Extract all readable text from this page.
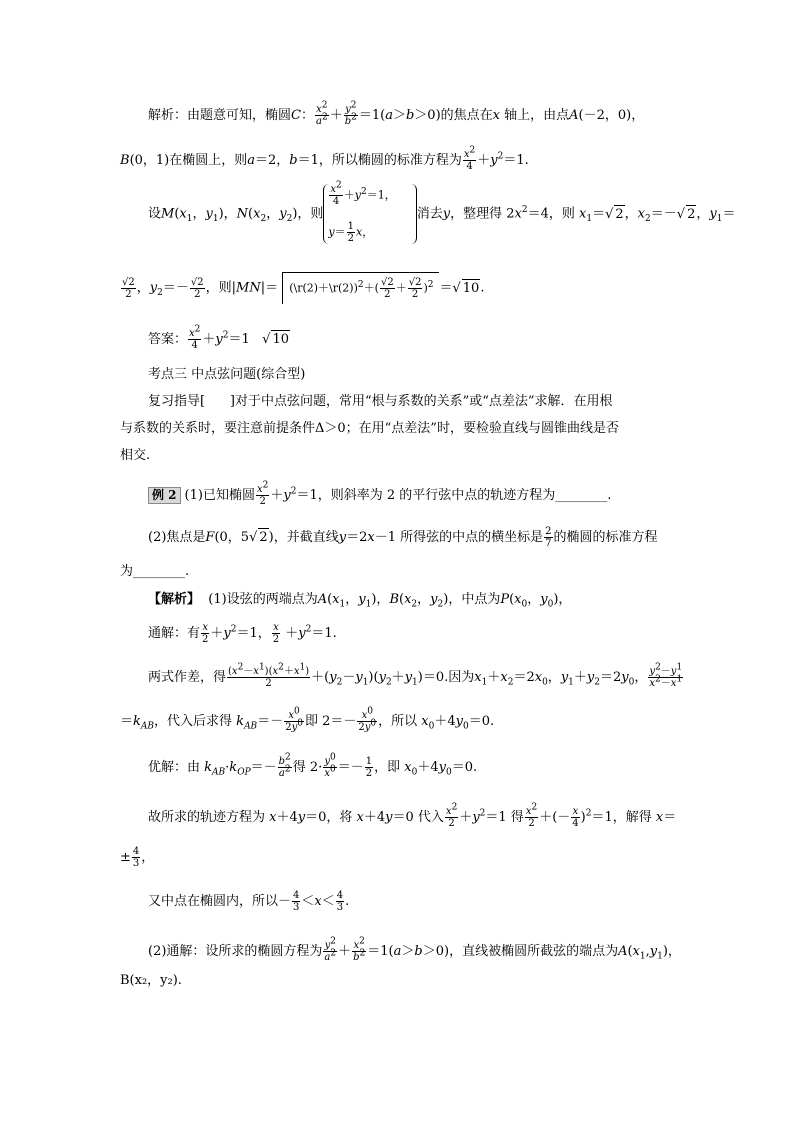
解析：由题意可知，椭圆C： $\frac{x^2}{a^2} + \frac{y^2}{b^2} =1(a>b>0)$的焦点在x 轴上，由点A(－2，0)，
B(0，1)在椭圆上，则a＝2，b＝1，所以椭圆的标准方程为 $\frac{x^2}{4} +y^2=1$.
设$M(x_1$，$y_1$)，$N(x_2$，$y_2$)，则
$\frac{x^2}{4} +y^2=1$，

$y= \frac{1}{2}$ x，消去y，整理得 $2x^2=4$，则 $x_1=√$ 2，$x_2=-√$ 2，$y_1=$
√ $\frac{2}{2}$ ，$y_2=-$
√ $\frac{2}{2}$ ，则|MN|＝ (\r(2)＋\r(2))$^2$＋(
√ $\frac{2}{2}$ ＋
√ $\frac{2}{2} )^2$ ＝√ 10.
答案： $\frac{x^2}{4} +y^2=1$   √ 10
考点三 中点弦问题(综合型)
复习指导[      ]对于中点弦问题，常用“根与系数的关系”或“点差法”求解．在用根
与系数的关系时，要注意前提条件Δ＞0；在用“点差法”时，要检验直线与圆锥曲线是否
相交.
例 2 (1)已知椭圆 $\frac{x^2}{2} +y^2=1$，则斜率为 2 的平行弦中点的轨迹方程为________.
(2)焦点是F(0，5√ 2)，并截直线y＝2x－1 所得弦的中点的横坐标是 $\frac{2}{7}$ 的椭圆的标准方程
为________.
【解析】  (1)设弦的两端点为$A(x_1$，$y_1$)，$B(x_2$，$y_2$)，中点为$P(x_0$，$y_0$)，
通解：有 $\frac{x}{2} +y^2=1$， $\frac{x}{2} +y^2=1$.
两式作差，得 $\frac{(x^2-x^1)(x^2+x^1)}{2} +(y_2-y_1)(y_2+y_1)=0$.因为$x_1+x_2=2x_0$，$y_1+y_2=2y_0$， $\frac{y^2-y^1}{x^2-x^1}$
$=k_{AB}$，代入后求得 $k_{AB}=- \frac{x^0}{2y^0}$ 即 $2=- \frac{x^0}{2y^0}$ ，所以 $x_0+4y_0=0$.
优解：由 $k_{AB}\cdot k_{OP}=- \frac{b^2}{a^2}$ 得 $2\cdot \frac{y^0}{x^0} =- \frac{1}{2}$ ，即 $x_0+4y_0=0$.
故所求的轨迹方程为 x＋4y＝0，将 x＋4y＝0 代入 $\frac{x^2}{2} +y^2=1$ 得 $\frac{x^2}{2}$ ＋(－ $\frac{x}{4} )^2=1$，解得 x＝
± $\frac{4}{3}$ ，
又中点在椭圆内，所以－ $\frac{4}{3} <x< \frac{4}{3}$ .
(2)通解：设所求的椭圆方程为 $\frac{y^2}{a^2} + \frac{x^2}{b^2} =1(a>b>0)$，直线被椭圆所截弦的端点为$A(x_1,y_1)$，
B(x₂，y₂).
